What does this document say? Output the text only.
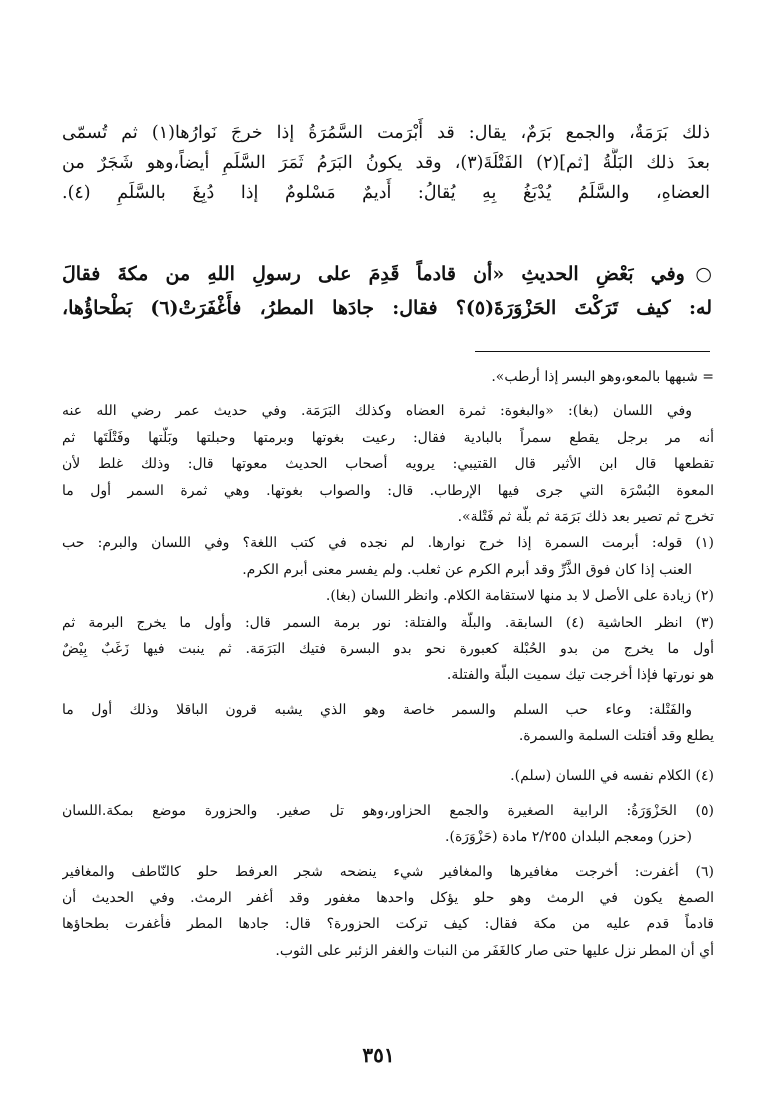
ذلك بَرَمَةٌ، والجمع بَرَمٌ، يقال: قد أَبْرَمت السَّمُرَةُ إذا خرجَ نَوارُها(١) ثم تُسمّى
بعدَ ذلك البَلَّةُ [ثم](٢) الفَتْلَةَ(٣)، وقد يكونُ البَرَمُ ثَمَرَ السَّلَمِ أيضاً،وهو شَجَرٌ من
العضاهِ، والسَّلَمُ يُدْبَغُ بِهِ يُقالُ: أَديمٌ مَسْلومٌ إذا دُبِغَ بالسَّلَمِ (٤).
○وفي بَعْضِ الحديثِ «أن قادماً قَدِمَ على رسولِ اللهِ من مكةَ فقالَ
له: كيف تَرَكْتَ الحَزْوَرَةَ(٥)؟ فقال: جادَها المطرُ، فأَغْفَرَتْ(٦) بَطْحاؤُها،
= شبهها بالمعو،وهو البسر إذا أرطب».
وفي اللسان (بغا): «والبغوة: ثمرة العضاه وكذلك البَرَمَة. وفي حديث عمر رضي الله عنه
أنه مر برجل يقطع سمراً بالبادية فقال: رعيت بغوتها وبرمتها وحبلتها وبَلّتها وفَتْلَتَها ثم
تقطعها قال ابن الأثير قال القتيبي: يرويه أصحاب الحديث معوتها قال: وذلك غلط لأن
المعوة البُسْرَة التي جرى فيها الإرطاب. قال: والصواب بغوتها. وهي ثمرة السمر أول ما
تخرج ثم تصير بعد ذلك بَرَمَة ثم بلّة ثم فَتْلة».
(١) قوله: أبرمت السمرة إذا خرج نوارها. لم نجده في كتب اللغة؟ وفي اللسان والبرم: حب
العنب إذا كان فوق الذَّرِّ وقد أبرم الكرم عن ثعلب. ولم يفسر معنى أبرم الكرم.
(٢) زيادة على الأصل لا بد منها لاستقامة الكلام. وانظر اللسان (بغا).
(٣) انظر الحاشية (٤) السابقة. والبلّة والفتلة: نور برمة السمر قال: وأول ما يخرج البرمة ثم
أول ما يخرج من بدو الحُبْلة كعبورة نحو بدو البسرة فتيك البَرَمَة. ثم ينبت فيها زَغَبٌ بِيْضٌ
هو نورتها فإذا أخرجت تيك سميت البلّة والفتلة.
والفَتْلة: وعاء حب السلم والسمر خاصة وهو الذي يشبه قرون الباقلا وذلك أول ما
يطلع وقد أفتلت السلمة والسمرة.
(٤) الكلام نفسه في اللسان (سلم).
(٥) الحَزْوَرَةُ: الرابية الصغيرة والجمع الحزاور،وهو تل صغير. والحزورة موضع بمكة.اللسان
(حزر) ومعجم البلدان ٢/٢٥٥ مادة (حَزْوَرَة).
(٦) أغفرت: أخرجت مغافيرها والمغافير شيء ينضحه شجر العرفط حلو كالنّاطف والمغافير
الصمغ يكون في الرمث وهو حلو يؤكل واحدها مغفور وقد أغفر الرمث. وفي الحديث أن
قادماً قدم عليه من مكة فقال: كيف تركت الحزورة؟ قال: جادها المطر فأغفرت بطحاؤها
أي أن المطر نزل عليها حتى صار كالغَفَر من النبات والغفر الزئبر على الثوب.
٣٥١
